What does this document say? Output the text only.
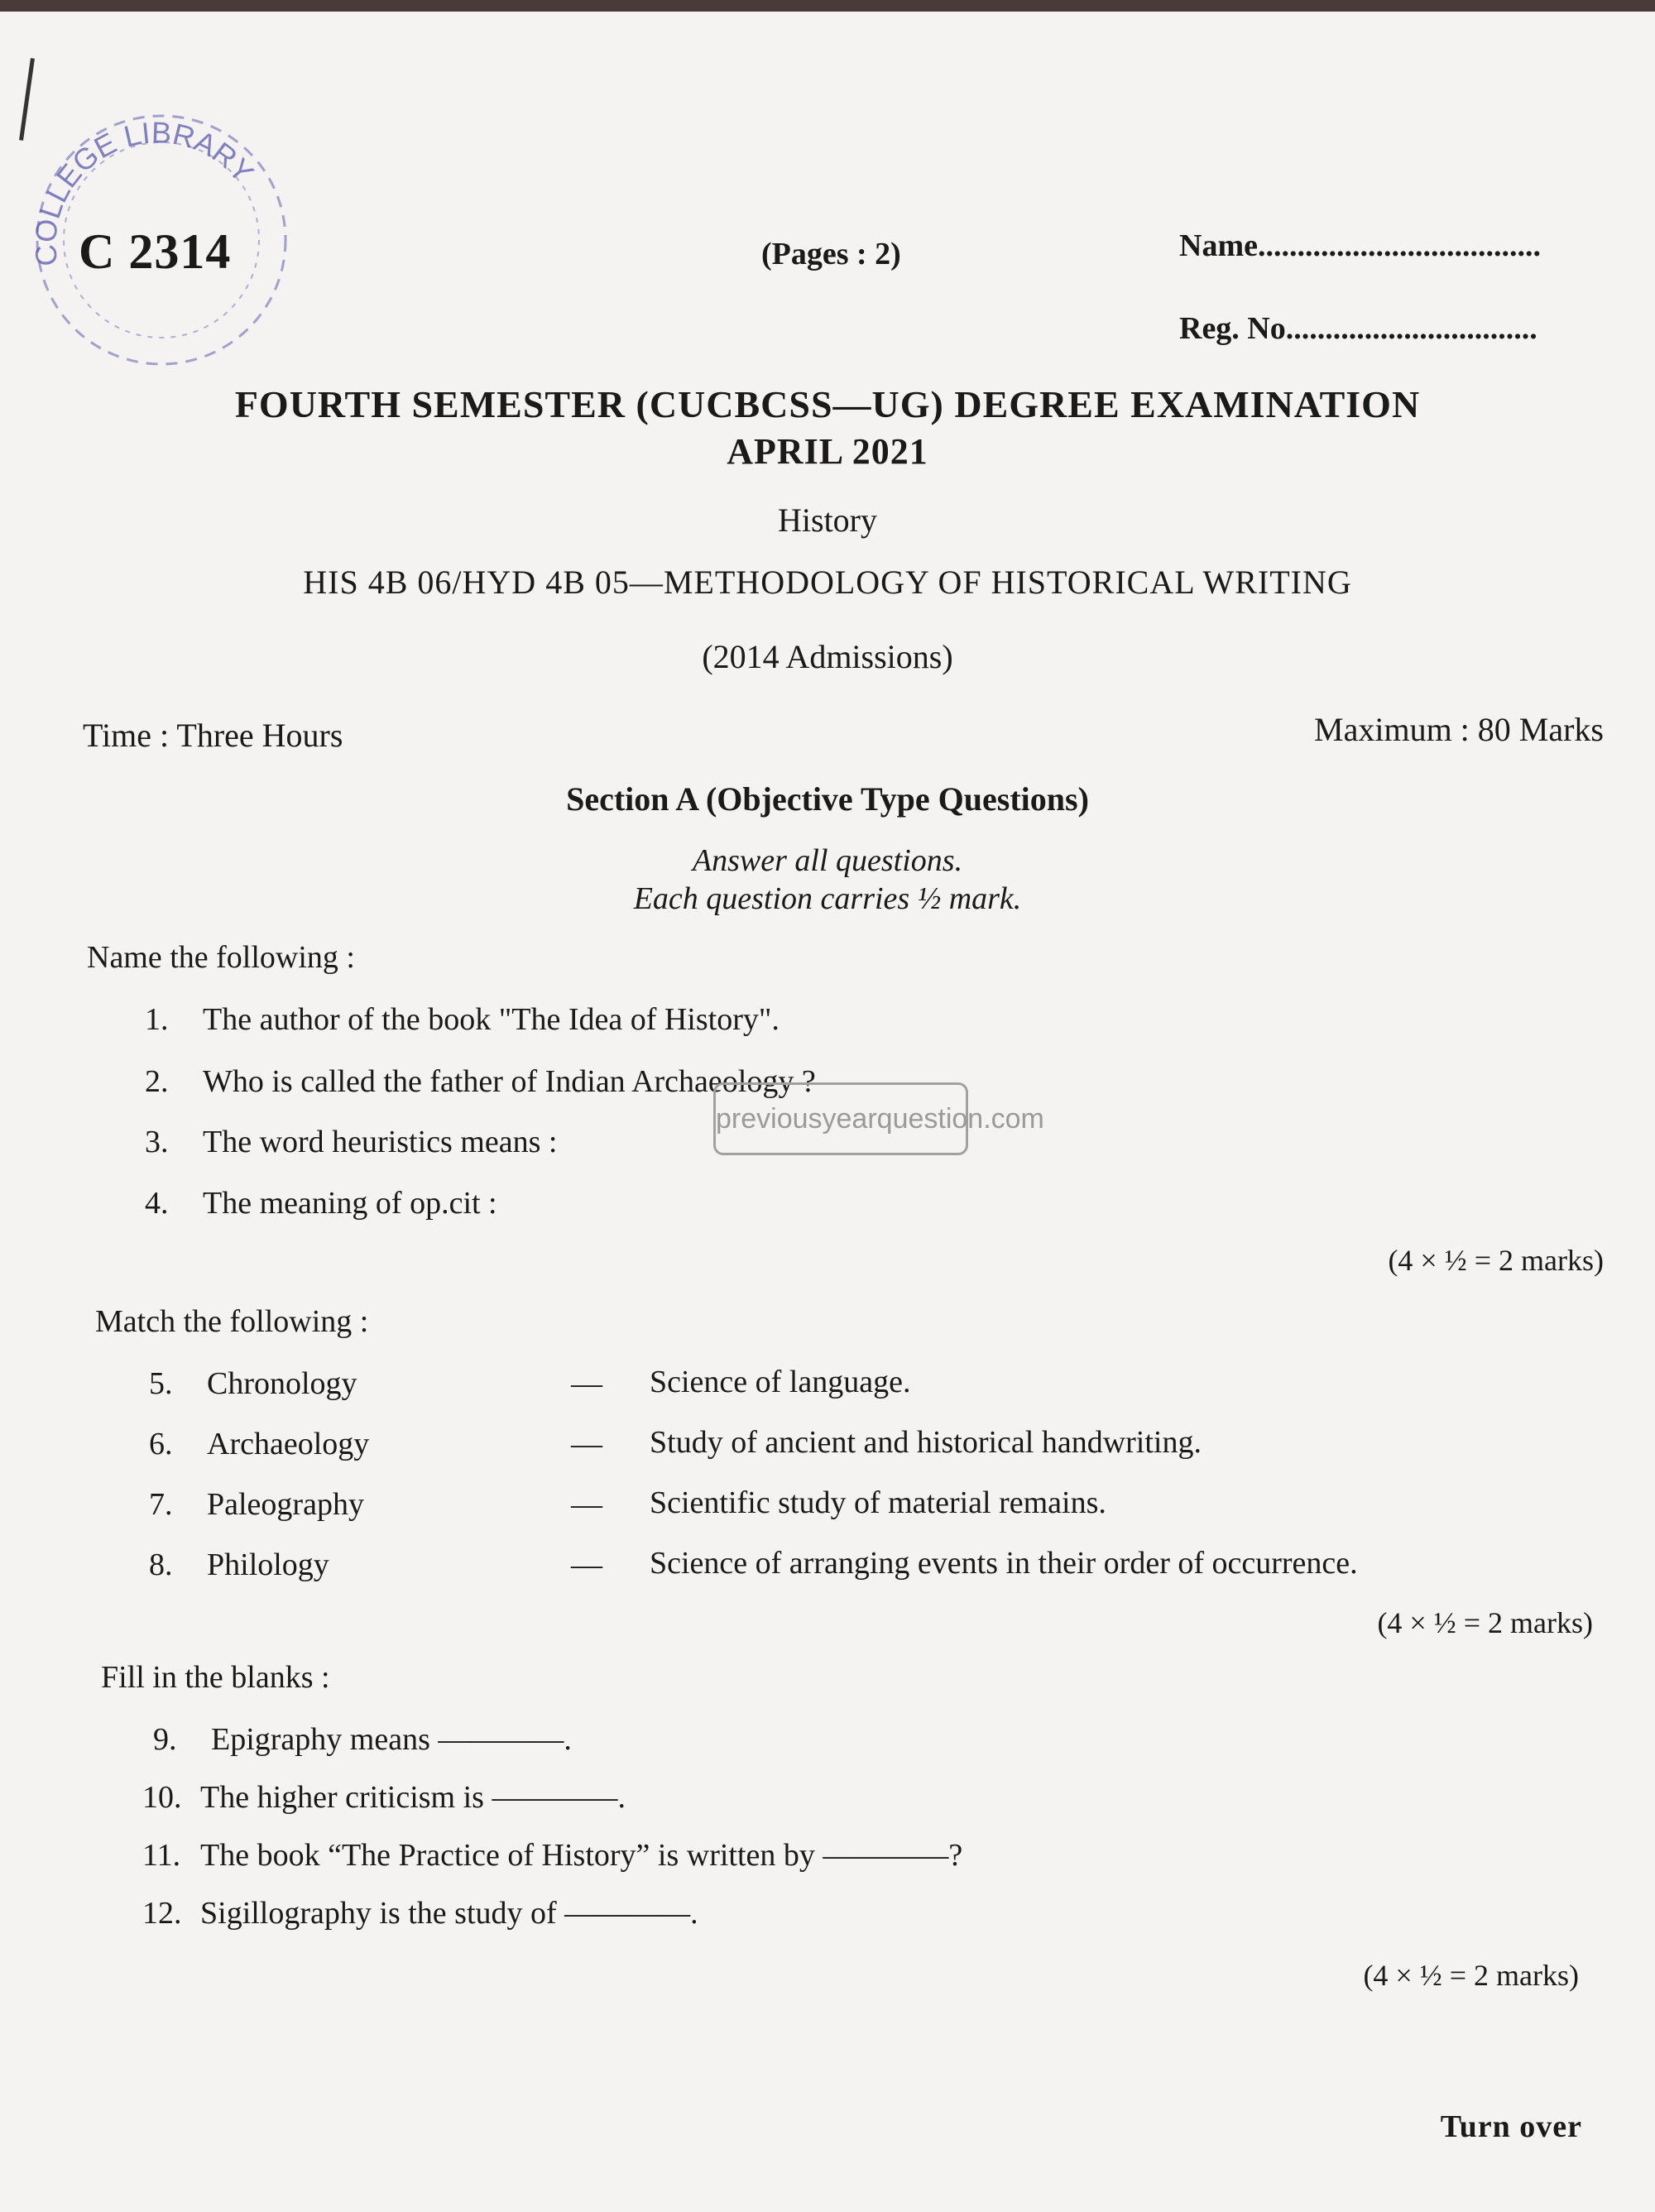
COLLEGE LIBRARY
C 2314	(Pages : 2)	Name....................................
Reg. No................................
FOURTH SEMESTER (CUCBCSS—UG) DEGREE EXAMINATION
APRIL 2021
History
HIS 4B 06/HYD 4B 05—METHODOLOGY OF HISTORICAL WRITING
(2014 Admissions)
Time : Three Hours	Maximum : 80 Marks
Section A (Objective Type Questions)
Answer all questions.
Each question carries ½ mark.
Name the following :
1. The author of the book "The Idea of History".
2. Who is called the father of Indian Archaeology ?
3. The word heuristics means :
4. The meaning of op.cit :
(4 × ½ = 2 marks)
previousyearquestion.com
Match the following :
5. Chronology	— Science of language.
6. Archaeology	— Study of ancient and historical handwriting.
7. Paleography	— Scientific study of material remains.
8. Philology	— Science of arranging events in their order of occurrence.
(4 × ½ = 2 marks)
Fill in the blanks :
9. Epigraphy means ————.
10. The higher criticism is ————.
11. The book “The Practice of History” is written by ————?
12. Sigillography is the study of ————.
(4 × ½ = 2 marks)
Turn over
